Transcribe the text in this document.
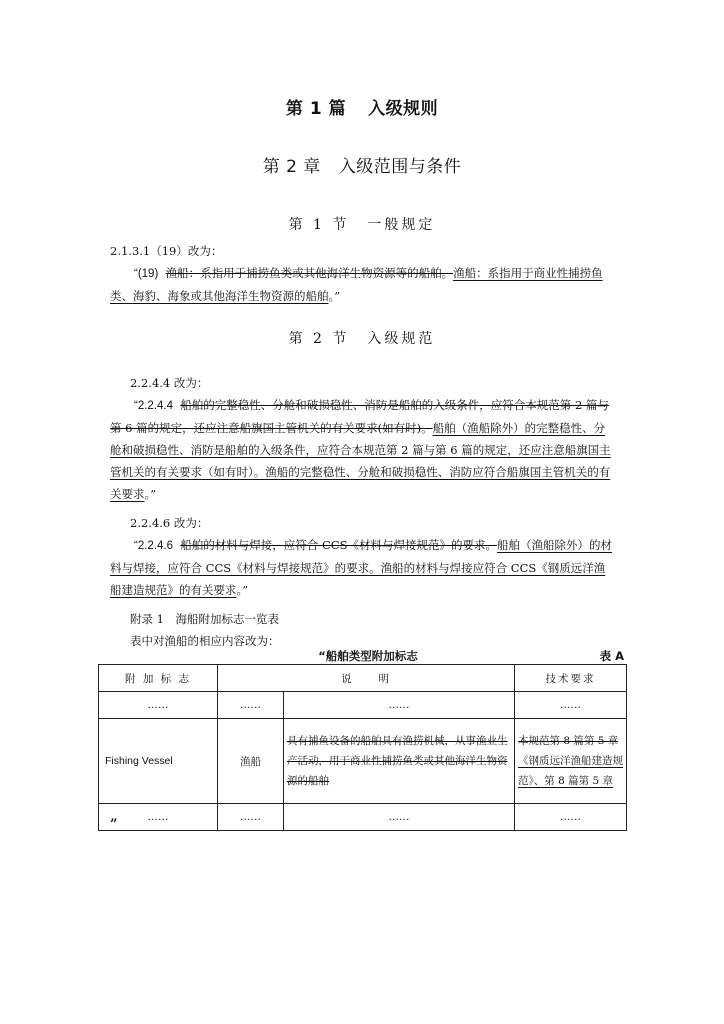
第 1 篇 入级规则
第 2 章 入级范围与条件
第 1 节 一般规定
2.1.3.1（19）改为：
“(19) 渔船：系指用于捕捞鱼类或其他海洋生物资源等的船舶。渔船：系指用于商业性捕捞鱼类、海豹、海象或其他海洋生物资源的船舶。”
第 2 节 入级规范
2.2.4.4 改为：
“2.2.4.4 船舶的完整稳性、分舱和破损稳性、消防是船舶的入级条件，应符合本规范第 2 篇与第 6 篇的规定，还应注意船旗国主管机关的有关要求(如有时)。船舶（渔船除外）的完整稳性、分舱和破损稳性、消防是船舶的入级条件，应符合本规范第 2 篇与第 6 篇的规定，还应注意船旗国主管机关的有关要求（如有时）。渔船的完整稳性、分舱和破损稳性、消防应符合船旗国主管机关的有关要求。”
2.2.4.6 改为：
“2.2.4.6 船舶的材料与焊接，应符合 CCS《材料与焊接规范》的要求。船舶（渔船除外）的材料与焊接，应符合 CCS《材料与焊接规范》的要求。渔船的材料与焊接应符合 CCS《钢质远洋渔船建造规范》的有关要求。”
附录 1　海船附加标志一览表
表中对渔船的相应内容改为：
“船舶类型附加标志	表 A
附 加 标 志	说　　明		技术要求
……	……	……	……
Fishing Vessel	渔船	具有捕鱼设备的船舶具有渔捞机械，从事渔业生产活动，用于商业性捕捞鱼类或其他海洋生物资源的船舶	本规范第 8 篇第 5 章《钢质远洋渔船建造规范》、第 8 篇第 5 章
……	……	……	……
”
